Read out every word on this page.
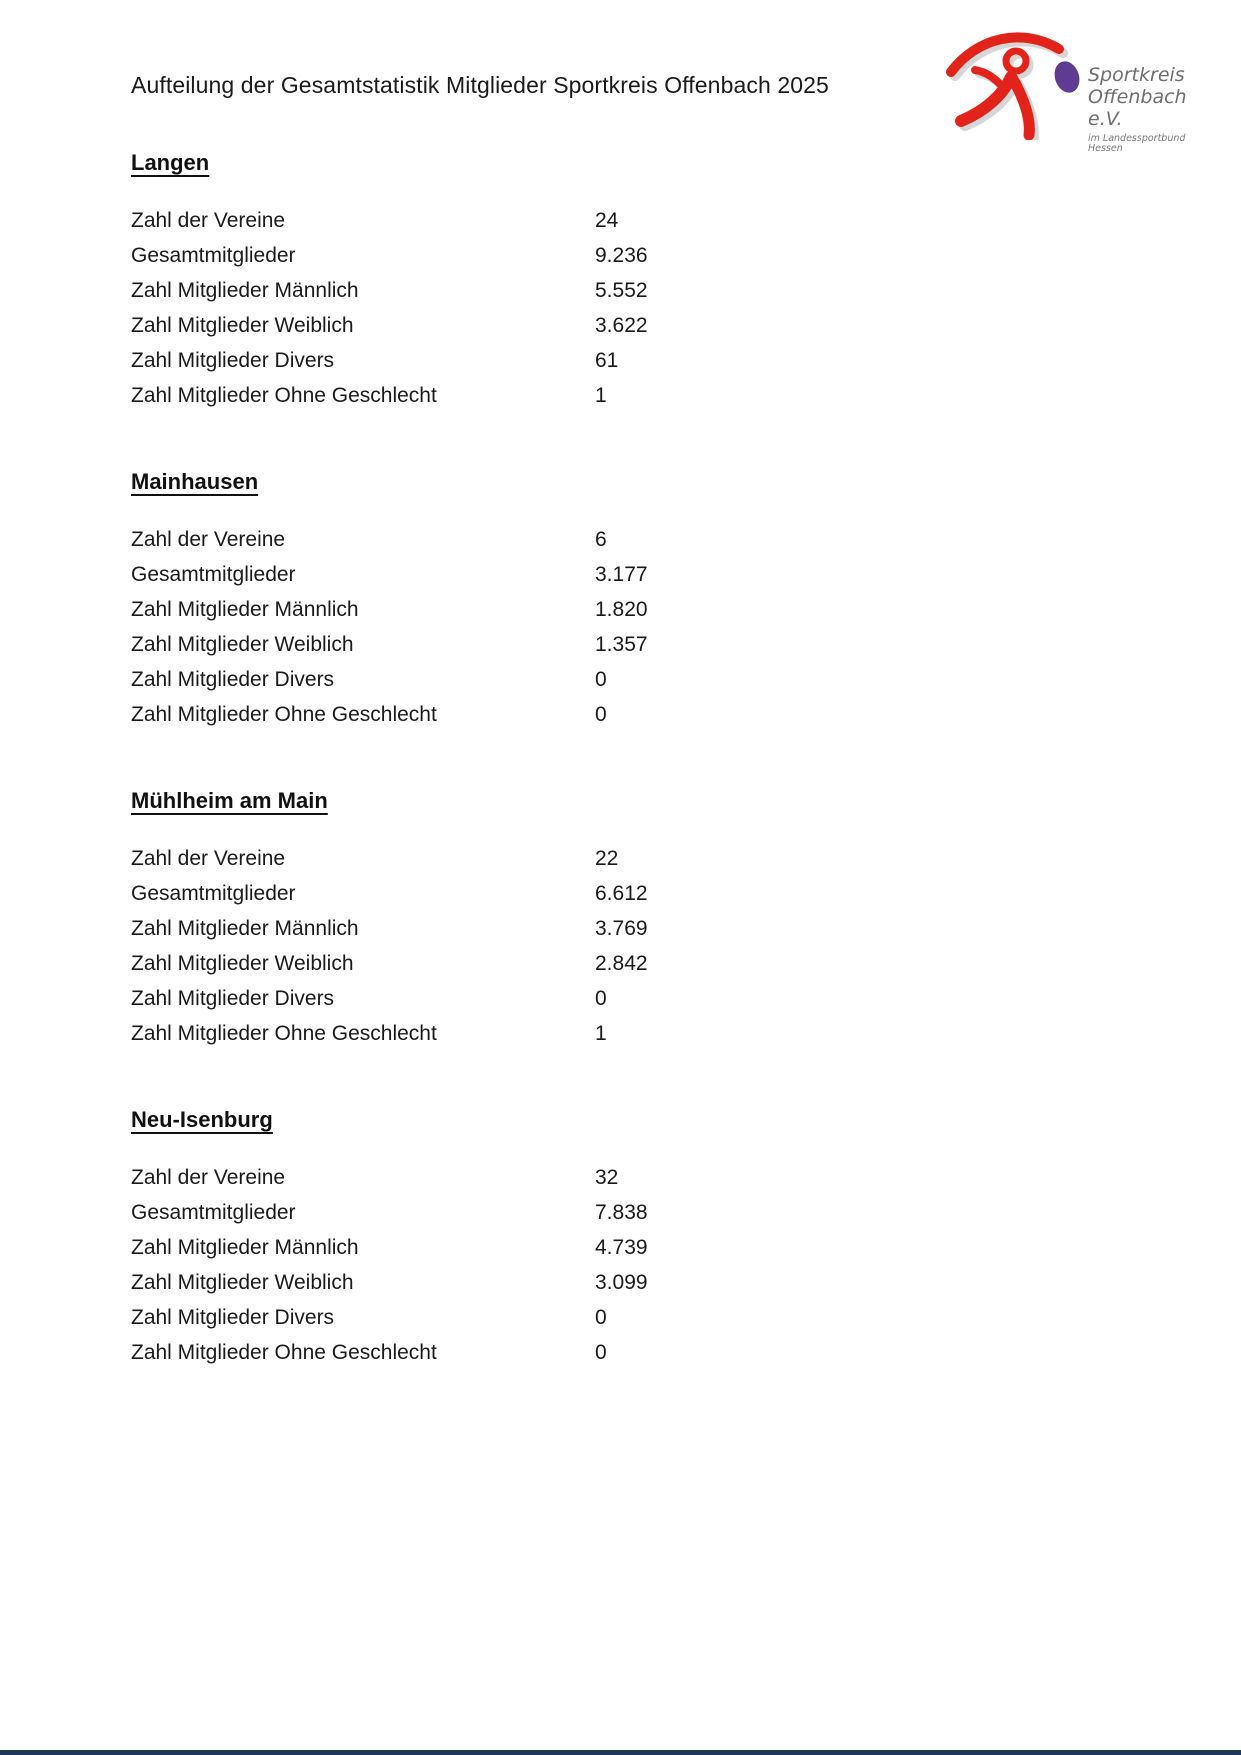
Aufteilung der Gesamtstatistik Mitglieder Sportkreis Offenbach 2025	Sportkreis
Offenbach e.V.
im Landessportbund Hessen
Langen
Zahl der Vereine	24
Gesamtmitglieder	9.236
Zahl Mitglieder Männlich	5.552
Zahl Mitglieder Weiblich	3.622
Zahl Mitglieder Divers	61
Zahl Mitglieder Ohne Geschlecht	1
Mainhausen
Zahl der Vereine	6
Gesamtmitglieder	3.177
Zahl Mitglieder Männlich	1.820
Zahl Mitglieder Weiblich	1.357
Zahl Mitglieder Divers	0
Zahl Mitglieder Ohne Geschlecht	0
Mühlheim am Main
Zahl der Vereine	22
Gesamtmitglieder	6.612
Zahl Mitglieder Männlich	3.769
Zahl Mitglieder Weiblich	2.842
Zahl Mitglieder Divers	0
Zahl Mitglieder Ohne Geschlecht	1
Neu-Isenburg
Zahl der Vereine	32
Gesamtmitglieder	7.838
Zahl Mitglieder Männlich	4.739
Zahl Mitglieder Weiblich	3.099
Zahl Mitglieder Divers	0
Zahl Mitglieder Ohne Geschlecht	0
